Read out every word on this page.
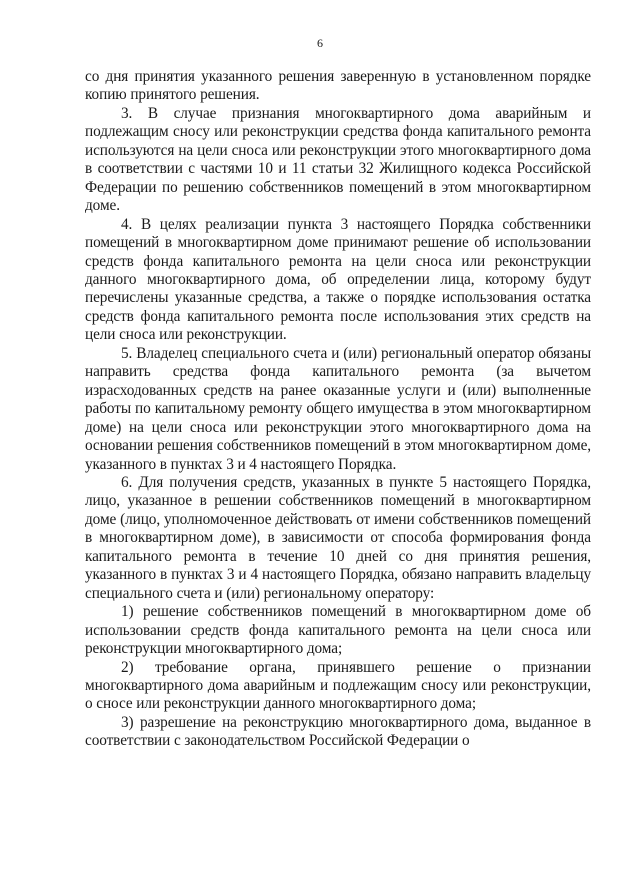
6

со дня принятия указанного решения заверенную в установленном порядке копию принятого решения.

3. В случае признания многоквартирного дома аварийным и подлежащим сносу или реконструкции средства фонда капитального ремонта используются на цели сноса или реконструкции этого многоквартирного дома в соответствии с частями 10 и 11 статьи 32 Жилищного кодекса Российской Федерации по решению собственников помещений в этом многоквартирном доме.

4. В целях реализации пункта 3 настоящего Порядка собственники помещений в многоквартирном доме принимают решение об использовании средств фонда капитального ремонта на цели сноса или реконструкции данного многоквартирного дома, об определении лица, которому будут перечислены указанные средства, а также о порядке использования остатка средств фонда капитального ремонта после использования этих средств на цели сноса или реконструкции.

5. Владелец специального счета и (или) региональный оператор обязаны направить средства фонда капитального ремонта (за вычетом израсходованных средств на ранее оказанные услуги и (или) выполненные работы по капитальному ремонту общего имущества в этом многоквартирном доме) на цели сноса или реконструкции этого многоквартирного дома на основании решения собственников помещений в этом многоквартирном доме, указанного в пунктах 3 и 4 настоящего Порядка.

6. Для получения средств, указанных в пункте 5 настоящего Порядка, лицо, указанное в решении собственников помещений в многоквартирном доме (лицо, уполномоченное действовать от имени собственников помещений в многоквартирном доме), в зависимости от способа формирования фонда капитального ремонта в течение 10 дней со дня принятия решения, указанного в пунктах 3 и 4 настоящего Порядка, обязано направить владельцу специального счета и (или) региональному оператору:

1) решение собственников помещений в многоквартирном доме об использовании средств фонда капитального ремонта на цели сноса или реконструкции многоквартирного дома;

2) требование органа, принявшего решение о признании многоквартирного дома аварийным и подлежащим сносу или реконструкции, о сносе или реконструкции данного многоквартирного дома;

3) разрешение на реконструкцию многоквартирного дома, выданное в соответствии с законодательством Российской Федерации о
